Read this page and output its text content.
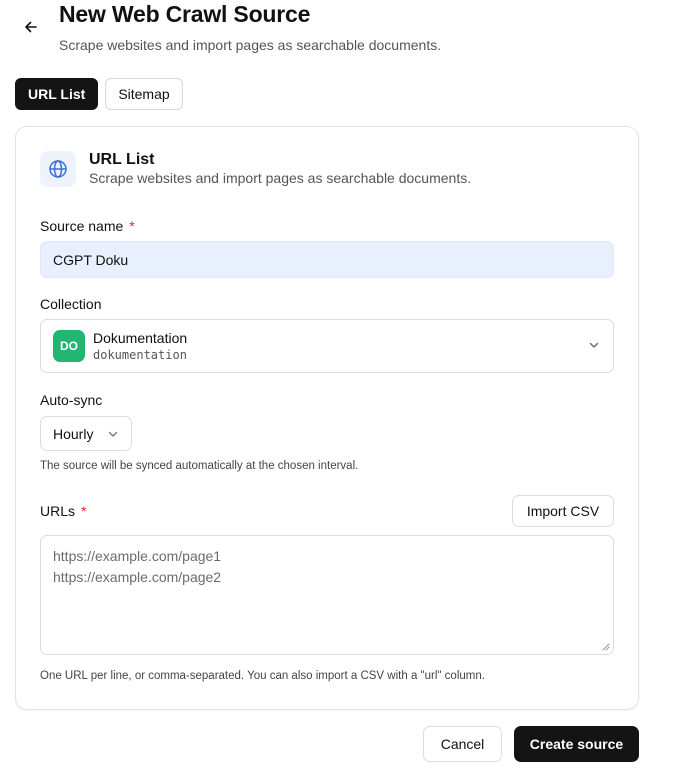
New Web Crawl Source
Scrape websites and import pages as searchable documents.
URL List	Sitemap
URL List
Scrape websites and import pages as searchable documents.
Source name *
CGPT Doku
Collection
DO	Dokumentation
dokumentation
Auto-sync
Hourly
The source will be synced automatically at the chosen interval.
URLs *	Import CSV
https://example.com/page1
https://example.com/page2
One URL per line, or comma-separated. You can also import a CSV with a "url" column.
Cancel	Create source
